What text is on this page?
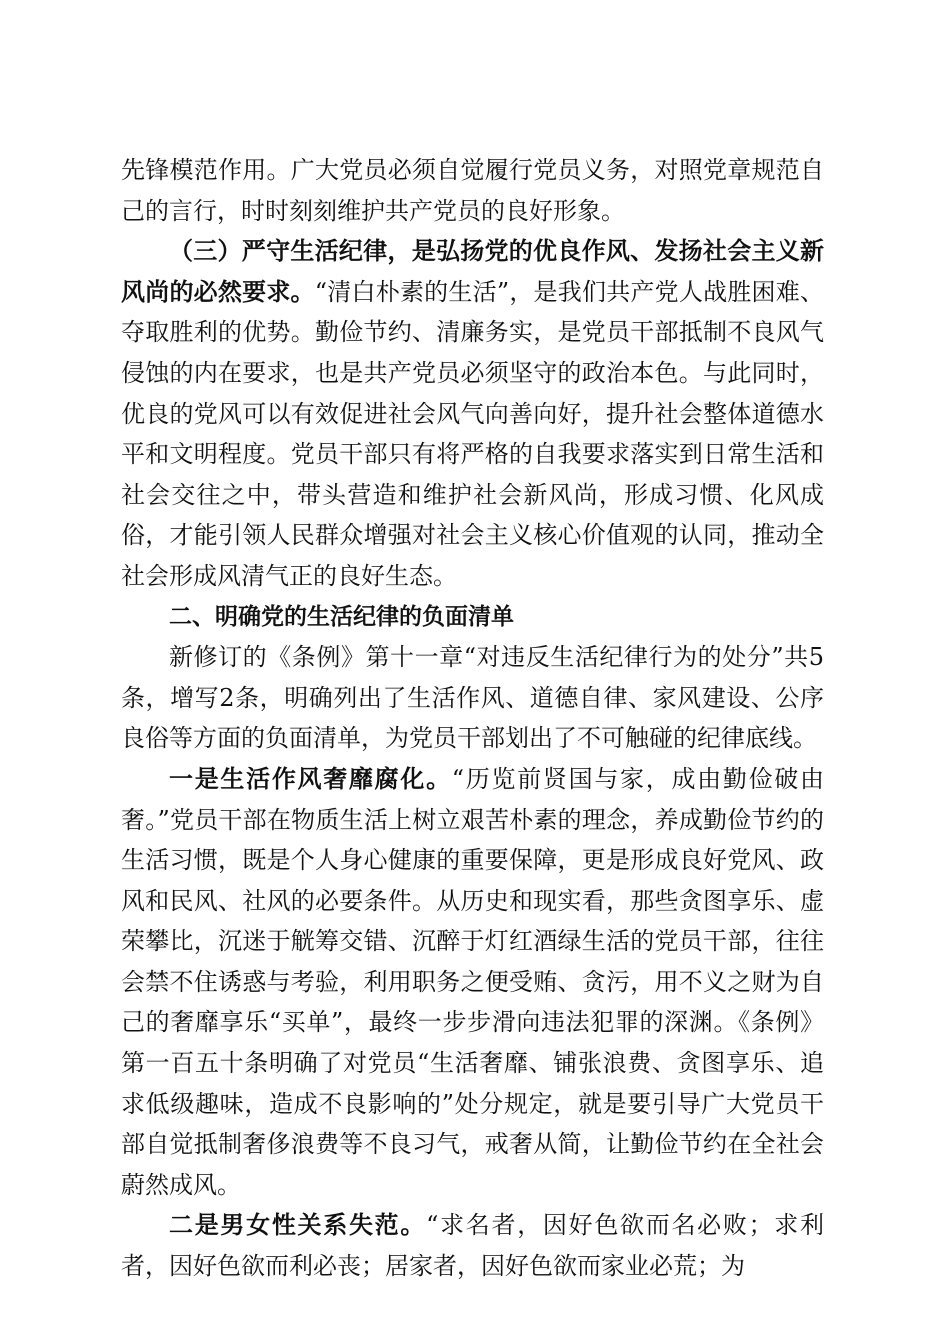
先锋模范作用。广大党员必须自觉履行党员义务，对照党章规范自己的言行，时时刻刻维护共产党员的良好形象。

（三）严守生活纪律，是弘扬党的优良作风、发扬社会主义新风尚的必然要求。“清白朴素的生活”，是我们共产党人战胜困难、夺取胜利的优势。勤俭节约、清廉务实，是党员干部抵制不良风气侵蚀的内在要求，也是共产党员必须坚守的政治本色。与此同时，优良的党风可以有效促进社会风气向善向好，提升社会整体道德水平和文明程度。党员干部只有将严格的自我要求落实到日常生活和社会交往之中，带头营造和维护社会新风尚，形成习惯、化风成俗，才能引领人民群众增强对社会主义核心价值观的认同，推动全社会形成风清气正的良好生态。

二、明确党的生活纪律的负面清单

新修订的《条例》第十一章“对违反生活纪律行为的处分”共5条，增写2条，明确列出了生活作风、道德自律、家风建设、公序良俗等方面的负面清单，为党员干部划出了不可触碰的纪律底线。

一是生活作风奢靡腐化。“历览前贤国与家，成由勤俭破由奢。”党员干部在物质生活上树立艰苦朴素的理念，养成勤俭节约的生活习惯，既是个人身心健康的重要保障，更是形成良好党风、政风和民风、社风的必要条件。从历史和现实看，那些贪图享乐、虚荣攀比，沉迷于觥筹交错、沉醉于灯红酒绿生活的党员干部，往往会禁不住诱惑与考验，利用职务之便受贿、贪污，用不义之财为自己的奢靡享乐“买单”，最终一步步滑向违法犯罪的深渊。《条例》第一百五十条明确了对党员“生活奢靡、铺张浪费、贪图享乐、追求低级趣味，造成不良影响的”处分规定，就是要引导广大党员干部自觉抵制奢侈浪费等不良习气，戒奢从简，让勤俭节约在全社会蔚然成风。

二是男女性关系失范。“求名者，因好色欲而名必败；求利者，因好色欲而利必丧；居家者，因好色欲而家业必荒；为
